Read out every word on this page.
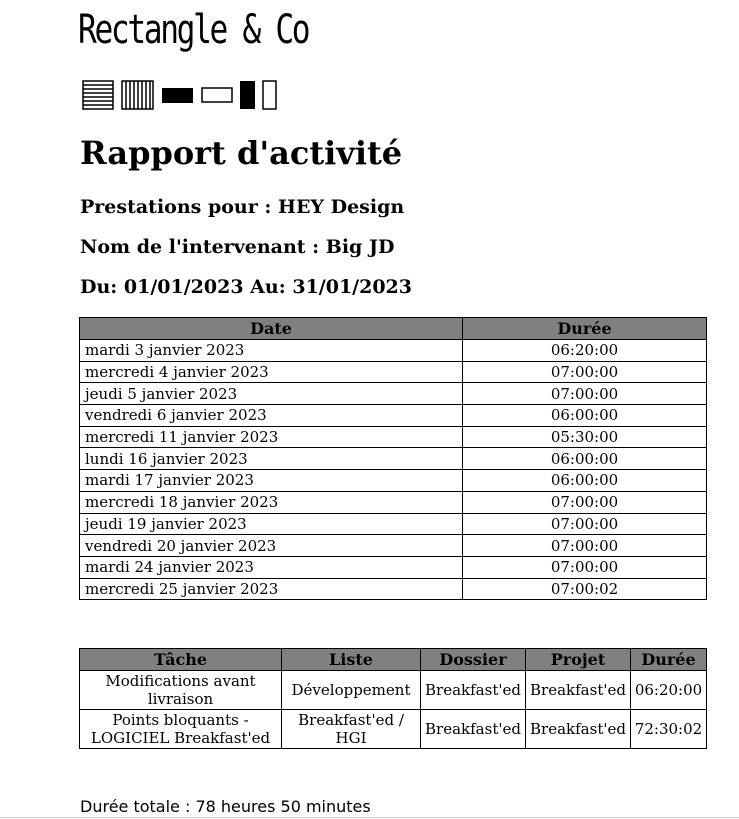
Rectangle & Co
Rapport d'activité

Prestations pour : HEY Design

Nom de l'intervenant : Big JD

Du: 01/01/2023 Au: 31/01/2023

Date	Durée
mardi 3 janvier 2023	06:20:00
mercredi 4 janvier 2023	07:00:00
jeudi 5 janvier 2023	07:00:00
vendredi 6 janvier 2023	06:00:00
mercredi 11 janvier 2023	05:30:00
lundi 16 janvier 2023	06:00:00
mardi 17 janvier 2023	06:00:00
mercredi 18 janvier 2023	07:00:00
jeudi 19 janvier 2023	07:00:00
vendredi 20 janvier 2023	07:00:00
mardi 24 janvier 2023	07:00:00
mercredi 25 janvier 2023	07:00:02
Tâche	Liste	Dossier	Projet	Durée
Modifications avant livraison	Développement	Breakfast'ed	Breakfast'ed	06:20:00
Points bloquants - LOGICIEL Breakfast'ed	Breakfast'ed / HGI	Breakfast'ed	Breakfast'ed	72:30:02
Durée totale : 78 heures 50 minutes
